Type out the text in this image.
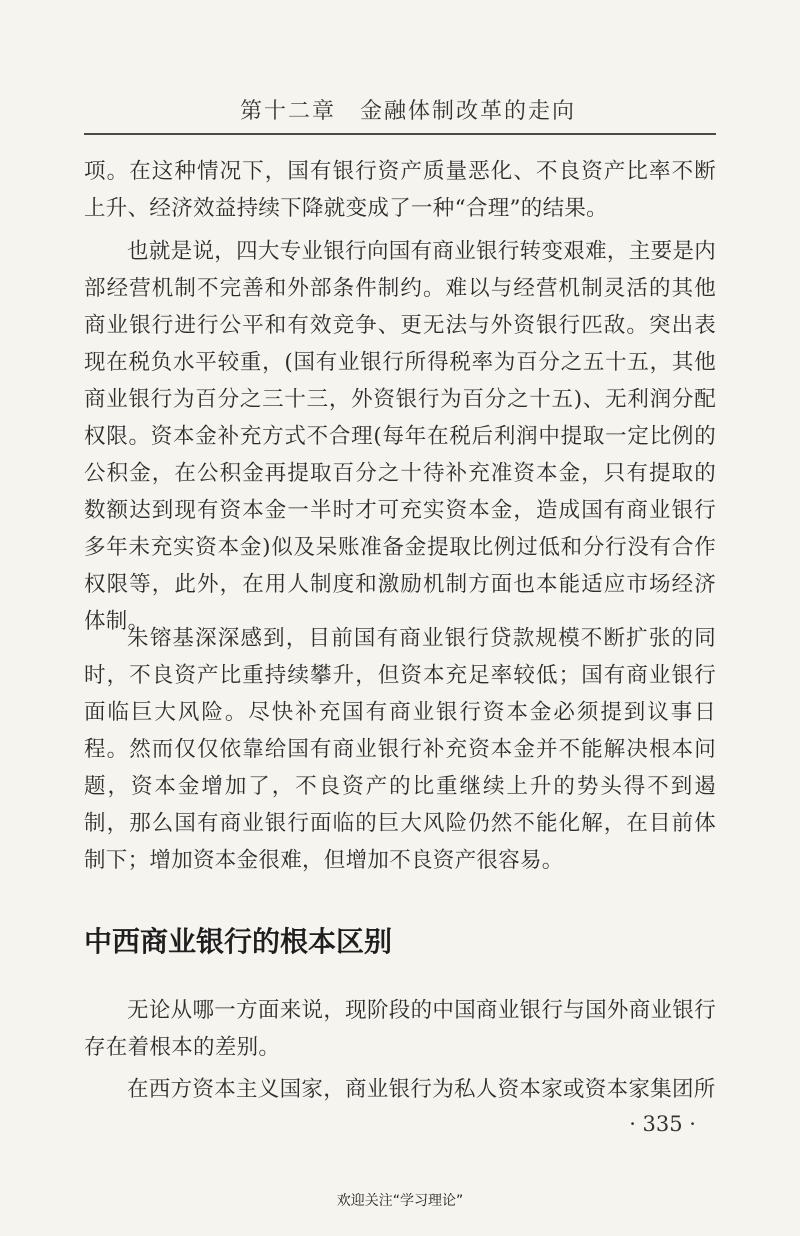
第十二章 金融体制改革的走向

项。在这种情况下，国有银行资产质量恶化、不良资产比率不断上升、经济效益持续下降就变成了一种“合理”的结果。

也就是说，四大专业银行向国有商业银行转变艰难，主要是内部经营机制不完善和外部条件制约。难以与经营机制灵活的其他商业银行进行公平和有效竞争、更无法与外资银行匹敌。突出表现在税负水平较重，(国有业银行所得税率为百分之五十五，其他商业银行为百分之三十三，外资银行为百分之十五)、无利润分配权限。资本金补充方式不合理(每年在税后利润中提取一定比例的公积金，在公积金再提取百分之十待补充准资本金，只有提取的数额达到现有资本金一半时才可充实资本金，造成国有商业银行多年未充实资本金)似及呆账准备金提取比例过低和分行没有合作权限等，此外，在用人制度和激励机制方面也本能适应市场经济体制。

朱镕基深深感到，目前国有商业银行贷款规模不断扩张的同时，不良资产比重持续攀升，但资本充足率较低；国有商业银行面临巨大风险。尽快补充国有商业银行资本金必须提到议事日程。然而仅仅依靠给国有商业银行补充资本金并不能解决根本问题，资本金增加了，不良资产的比重继续上升的势头得不到遏制，那么国有商业银行面临的巨大风险仍然不能化解，在目前体制下；增加资本金很难，但增加不良资产很容易。

中西商业银行的根本区别

无论从哪一方面来说，现阶段的中国商业银行与国外商业银行存在着根本的差别。

在西方资本主义国家，商业银行为私人资本家或资本家集团所

· 335 ·
欢迎关注“学习理论”
